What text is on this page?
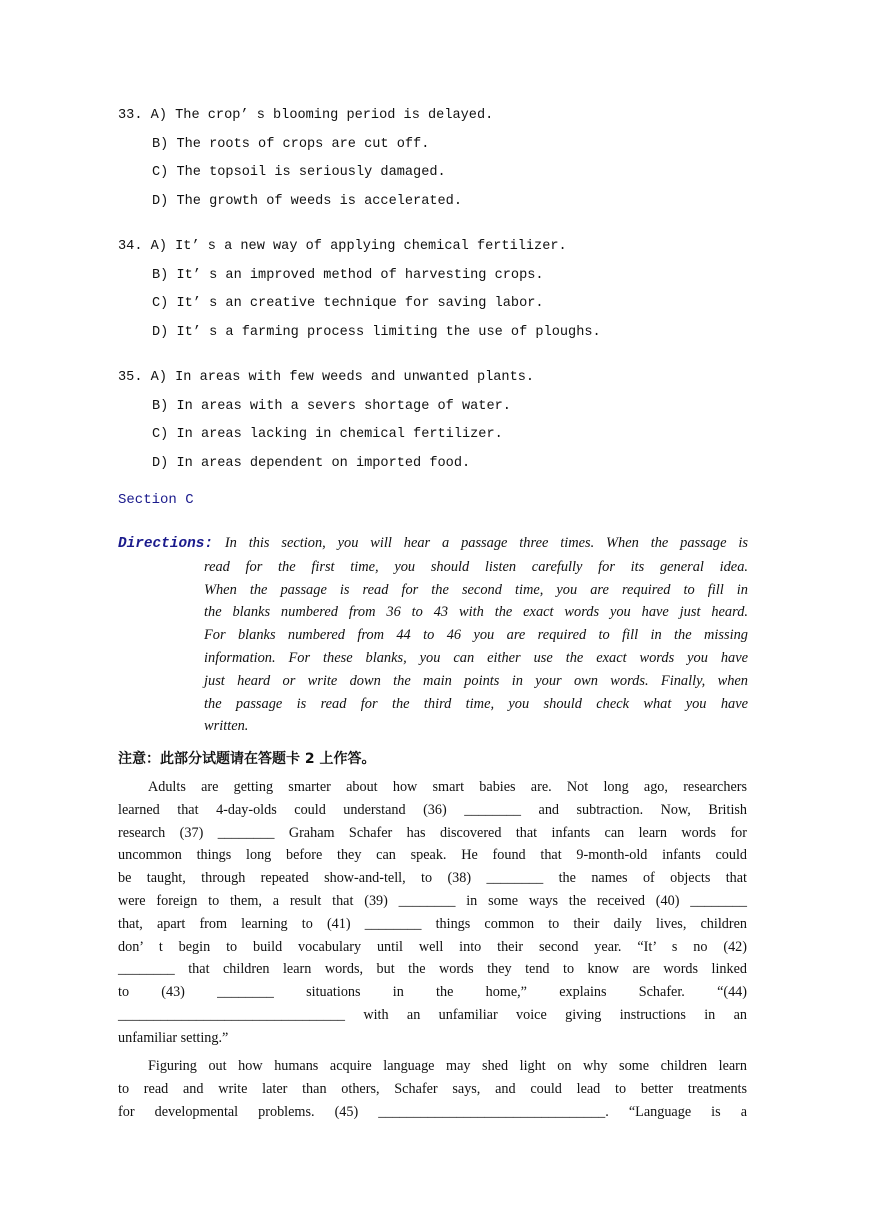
33. A) The crop’ s blooming period is delayed.
B) The roots of crops are cut off.
C) The topsoil is seriously damaged.
D) The growth of weeds is accelerated.
34. A) It’ s a new way of applying chemical fertilizer.
B) It’ s an improved method of harvesting crops.
C) It’ s an creative technique for saving labor.
D) It’ s a farming process limiting the use of ploughs.
35. A) In areas with few weeds and unwanted plants.
B) In areas with a severs shortage of water.
C) In areas lacking in chemical fertilizer.
D) In areas dependent on imported food.
Section C
Directions: In this section, you will hear a passage three times. When the passage is
read for the first time, you should listen carefully for its general idea.
When the passage is read for the second time, you are required to fill in
the blanks numbered from 36 to 43 with the exact words you have just heard.
For blanks numbered from 44 to 46 you are required to fill in the missing
information. For these blanks, you can either use the exact words you have
just heard or write down the main points in your own words. Finally, when
the passage is read for the third time, you should check what you have
written.
注意：此部分试题请在答题卡 2 上作答。
Adults are getting smarter about how smart babies are. Not long ago, researchers
learned that 4-day-olds could understand (36) ________ and subtraction. Now, British
research (37) ________ Graham Schafer has discovered that infants can learn words for
uncommon things long before they can speak. He found that 9-month-old infants could
be taught, through repeated show-and-tell, to (38) ________ the names of objects that
were foreign to them, a result that (39) ________ in some ways the received (40) ________
that, apart from learning to (41) ________ things common to their daily lives, children
don’ t begin to build vocabulary until well into their second year. “It’ s no (42)
________ that children learn words, but the words they tend to know are words linked
to (43) ________ situations in the home,” explains Schafer. “(44)
________________________________ with an unfamiliar voice giving instructions in an
unfamiliar setting.”
Figuring out how humans acquire language may shed light on why some children learn
to read and write later than others, Schafer says, and could lead to better treatments
for developmental problems. (45) ________________________________. “Language is a
